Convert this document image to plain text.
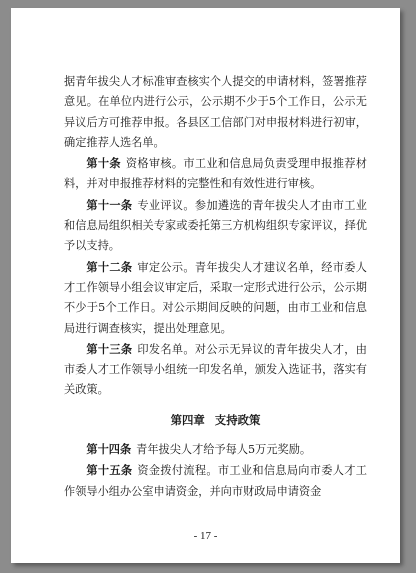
据青年拔尖人才标准审查核实个人提交的申请材料，签署推荐意见。在单位内进行公示，公示期不少于5个工作日，公示无异议后方可推荐申报。各县区工信部门对申报材料进行初审，确定推荐人选名单。

第十条 资格审核。市工业和信息局负责受理申报推荐材料，并对申报推荐材料的完整性和有效性进行审核。

第十一条 专业评议。参加遴选的青年拔尖人才由市工业和信息局组织相关专家或委托第三方机构组织专家评议，择优予以支持。

第十二条 审定公示。青年拔尖人才建议名单，经市委人才工作领导小组会议审定后，采取一定形式进行公示，公示期不少于5个工作日。对公示期间反映的问题，由市工业和信息局进行调查核实，提出处理意见。

第十三条 印发名单。对公示无异议的青年拔尖人才，由市委人才工作领导小组统一印发名单，颁发入选证书，落实有关政策。

第四章 支持政策

第十四条 青年拔尖人才给予每人5万元奖励。

第十五条 资金拨付流程。市工业和信息局向市委人才工作领导小组办公室申请资金，并向市财政局申请资金

- 17 -
